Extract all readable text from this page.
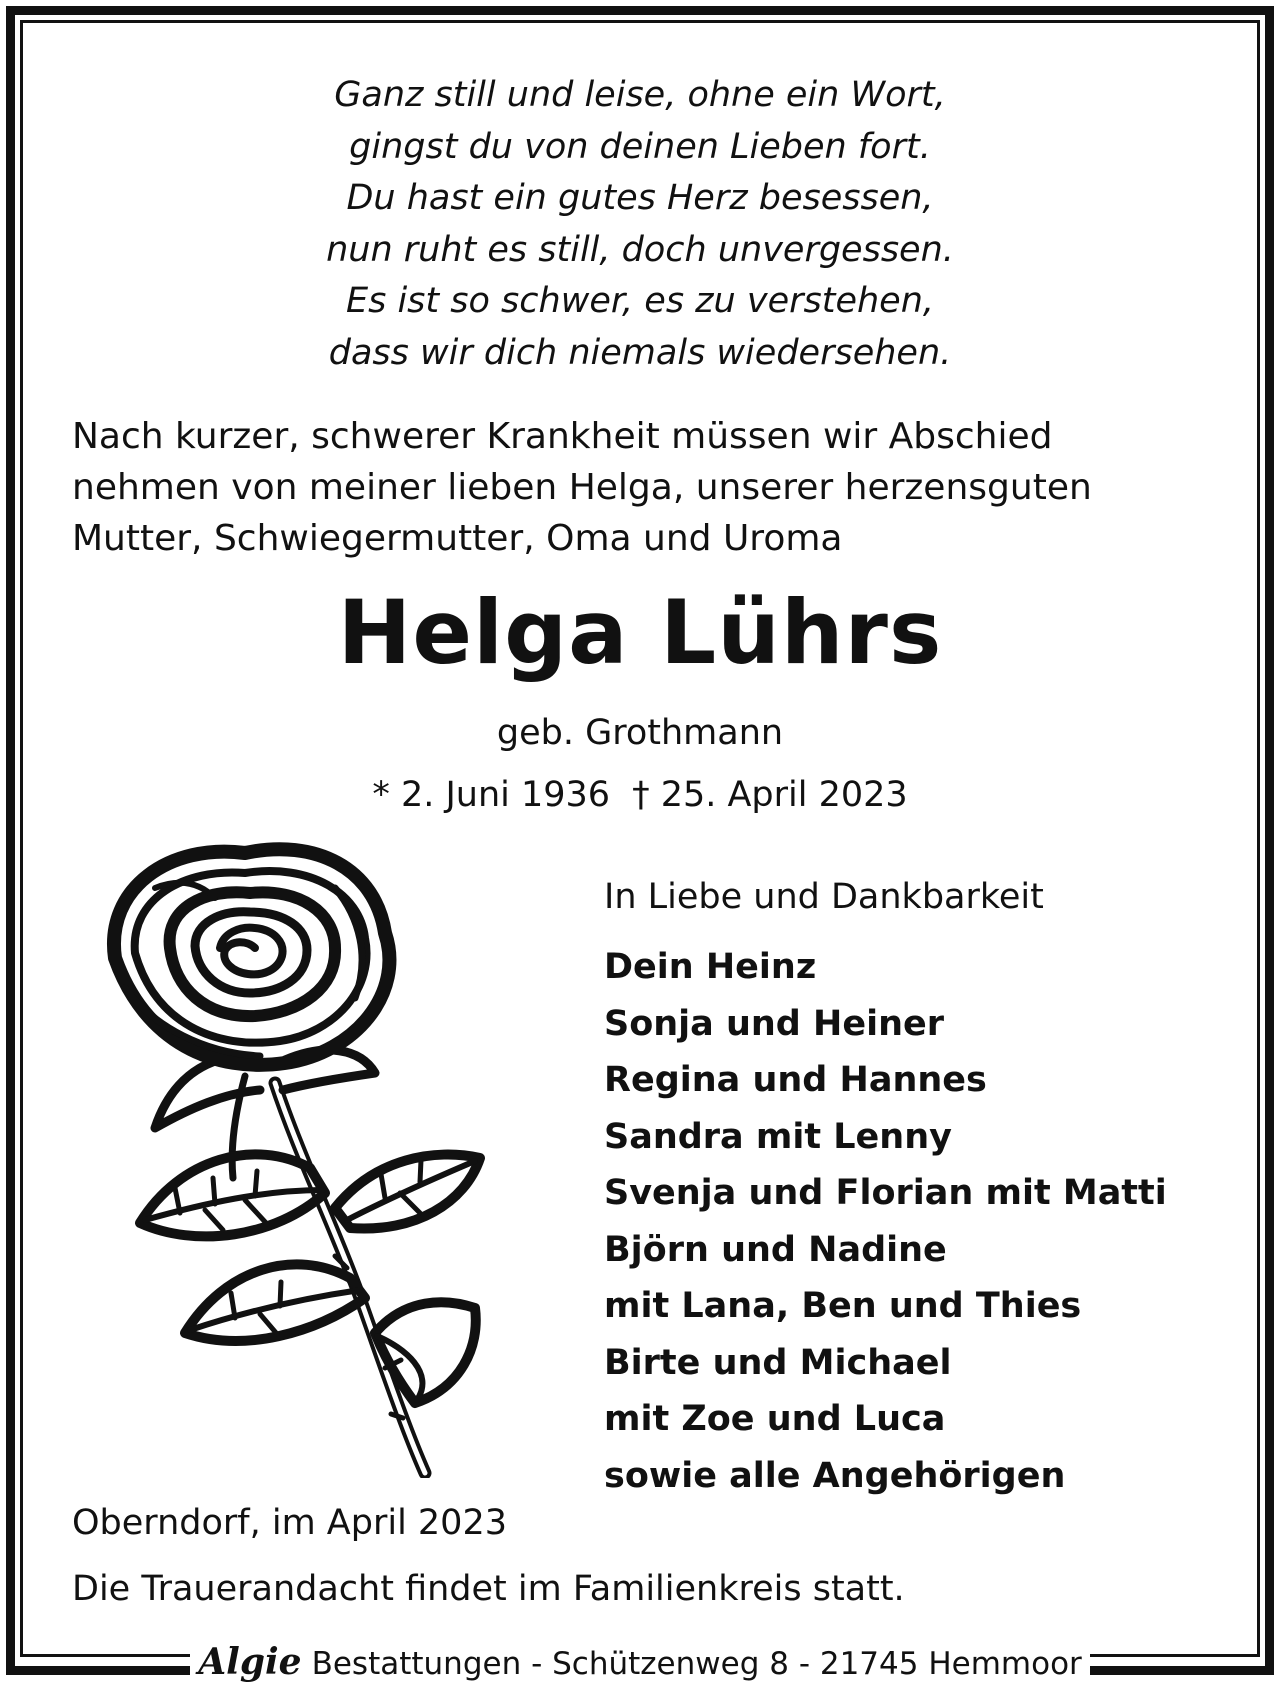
Ganz still und leise, ohne ein Wort,
gingst du von deinen Lieben fort.
Du hast ein gutes Herz besessen,
nun ruht es still, doch unvergessen.
Es ist so schwer, es zu verstehen,
dass wir dich niemals wiedersehen.
Nach kurzer, schwerer Krankheit müssen wir Abschied
nehmen von meiner lieben Helga, unserer herzensguten
Mutter, Schwiegermutter, Oma und Uroma
Helga Lührs
geb. Grothmann
* 2. Juni 1936 † 25. April 2023
In Liebe und Dankbarkeit
Dein Heinz
Sonja und Heiner
Regina und Hannes
Sandra mit Lenny
Svenja und Florian mit Matti
Björn und Nadine
mit Lana, Ben und Thies
Birte und Michael
mit Zoe und Luca
sowie alle Angehörigen
Oberndorf, im April 2023
Die Trauerandacht findet im Familienkreis statt.
Algie Bestattungen - Schützenweg 8 - 21745 Hemmoor
